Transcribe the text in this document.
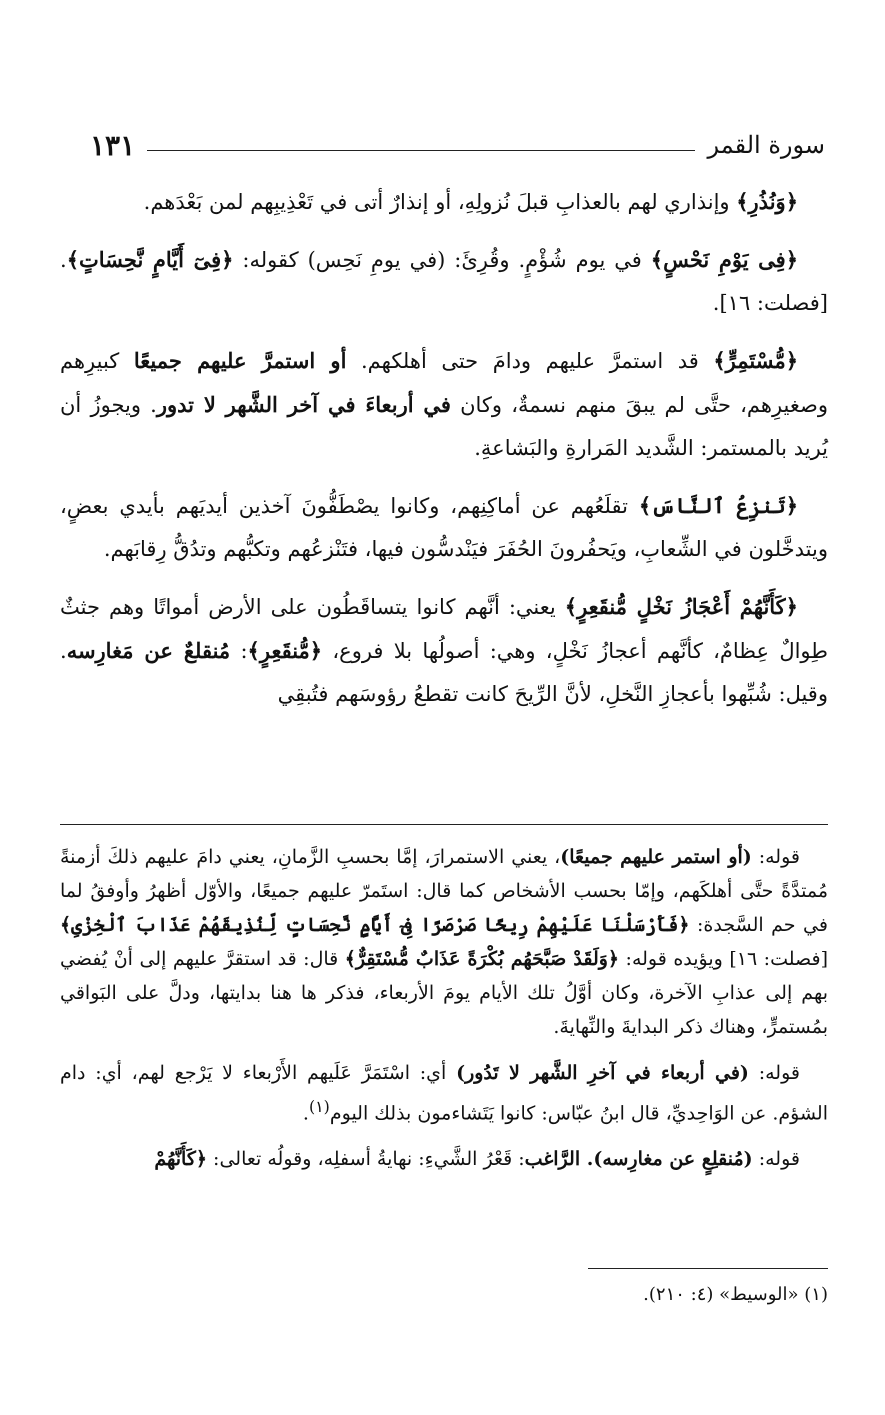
سورة القمر
١٣١

﴿وَنُذُرِ﴾ وإنذاري لهم بالعذابِ قبلَ نُزولِهِ، أو إنذارٌ أتى في تَعْذِيبِهم لمن بَعْدَهم.

﴿فِى يَوْمِ نَحْسٍ﴾ في يوم شُؤْمٍ. وقُرِئَ: (في يومِ نَحِس) كقوله: ﴿فِىٓ أَيَّامٍ نَّحِسَاتٍ﴾. [فصلت: ١٦].

﴿مُّسْتَمِرٍّ﴾ قد استمرَّ عليهم ودامَ حتى أهلكهم. أو استمرَّ عليهم جميعًا كبيرِهم وصغيرِهم، حتَّى لم يبقَ منهم نسمةٌ، وكان في أربعاءَ في آخر الشَّهر لا تدور. ويجوزُ أن يُريد بالمستمر: الشَّديد المَرارةِ والبَشاعةِ.

﴿تَنزِعُ ٱلنَّاسَ﴾ تقلَعُهم عن أماكِنِهم، وكانوا يصْطَفُّونَ آخذين أيديَهم بأيدي بعضٍ، ويتدخَّلون في الشِّعابِ، ويَحفُرونَ الحُفَرَ فيَنْدسُّون فيها، فتَنْزعُهم وتكبُّهم وتدُقُّ رِقابَهم.

﴿كَأَنَّهُمْ أَعْجَازُ نَخْلٍ مُّنقَعِرٍ﴾ يعني: أنَّهم كانوا يتساقَطُون على الأرض أمواتًا وهم جثثٌ طِوالٌ عِظامٌ، كأنَّهم أعجازُ نَخْلٍ، وهي: أصولُها بلا فروع، ﴿مُّنقَعِرٍ﴾: مُنقلعٌ عن مَغارِسه. وقيل: شُبِّهوا بأعجازِ النَّخلِ، لأنَّ الرِّيحَ كانت تقطعُ رؤوسَهم فتُبقِي

قوله: (أو استمر عليهم جميعًا)، يعني الاستمرارَ، إمَّا بحسبِ الزَّمانِ، يعني دامَ عليهم ذلكَ أزمنةً مُمتدَّةً حتَّى أهلكَهم، وإمّا بحسب الأشخاص كما قال: استَمرّ عليهم جميعًا، والأوّل أظهرُ وأوفقُ لما في حم السَّجدة: ﴿فَأَرْسَلْنَا عَلَيْهِمْ رِيحًا صَرْصَرًا فِىٓ أَيَّامٍ نَّحِسَاتٍ لِّنُذِيقَهُمْ عَذَابَ ٱلْخِزْىِ﴾ [فصلت: ١٦] ويؤيده قوله: ﴿وَلَقَدْ صَبَّحَهُم بُكْرَةً عَذَابٌ مُّسْتَقِرٌّ﴾ قال: قد استقرَّ عليهم إلى أنْ يُفضي بهم إلى عذابِ الآخرة، وكان أوَّلُ تلك الأيام يومَ الأربعاء، فذكر ها هنا بدايتها، ودلَّ على البَواقي بمُستمرٍّ، وهناك ذكر البدايةَ والنِّهايةَ.

قوله: (في أربعاء في آخرِ الشَّهر لا تَدُور) أي: اسْتَمَرَّ عَلَيهم الأَرْبعاء لا يَرْجع لهم، أي: دام الشؤم. عن الوَاحِديِّ، قال ابنُ عبّاس: كانوا يَتَشاءمون بذلك اليوم$^{(١)}$.

قوله: (مُنقلِعٍ عن مغارِسه). الرَّاغب: قَعْرُ الشَّيءِ: نهايةُ أسفلِه، وقولُه تعالى: ﴿كَأَنَّهُمْ

(١) «الوسيط» (٤: ٢١٠).
